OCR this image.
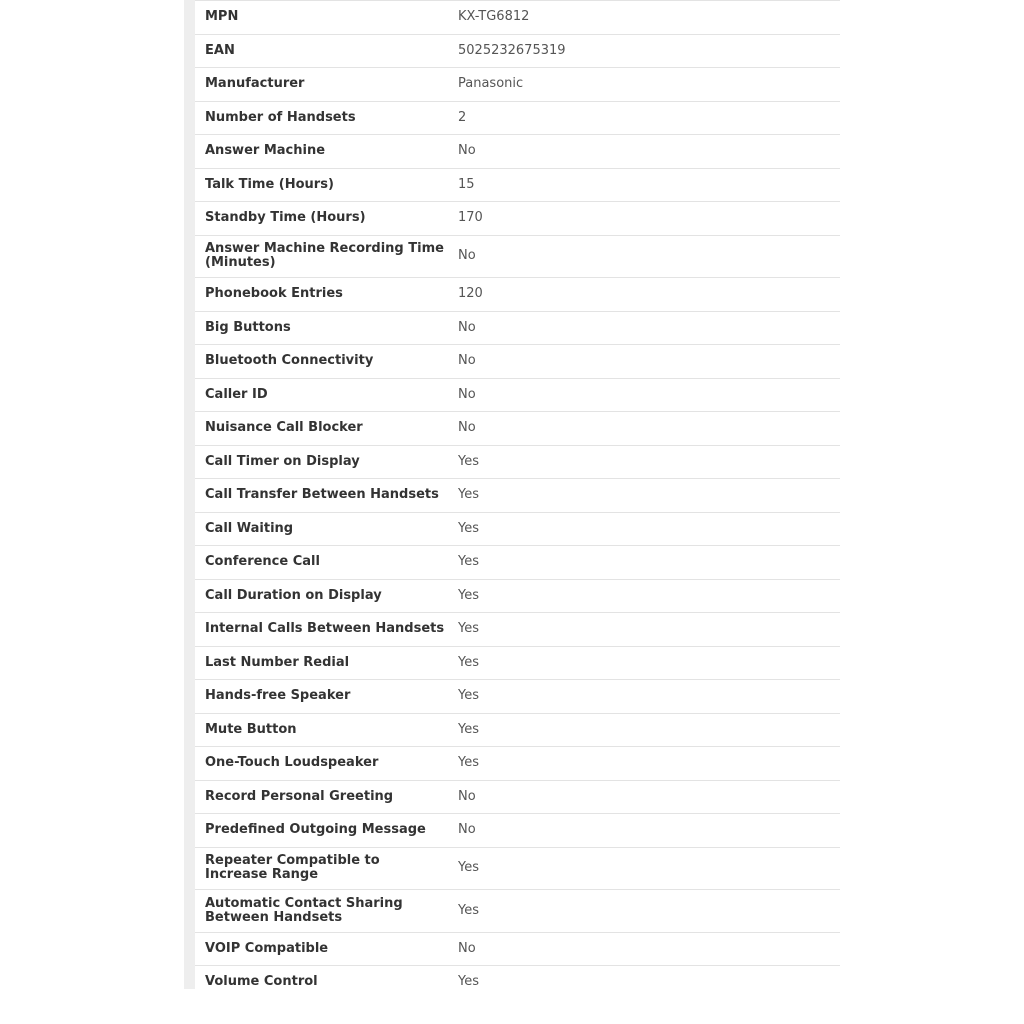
MPN	KX-TG6812
EAN	5025232675319
Manufacturer	Panasonic
Number of Handsets	2
Answer Machine	No
Talk Time (Hours)	15
Standby Time (Hours)	170
Answer Machine Recording Time (Minutes)	No
Phonebook Entries	120
Big Buttons	No
Bluetooth Connectivity	No
Caller ID	No
Nuisance Call Blocker	No
Call Timer on Display	Yes
Call Transfer Between Handsets	Yes
Call Waiting	Yes
Conference Call	Yes
Call Duration on Display	Yes
Internal Calls Between Handsets	Yes
Last Number Redial	Yes
Hands-free Speaker	Yes
Mute Button	Yes
One-Touch Loudspeaker	Yes
Record Personal Greeting	No
Predefined Outgoing Message	No
Repeater Compatible to Increase Range	Yes
Automatic Contact Sharing Between Handsets	Yes
VOIP Compatible	No
Volume Control	Yes
